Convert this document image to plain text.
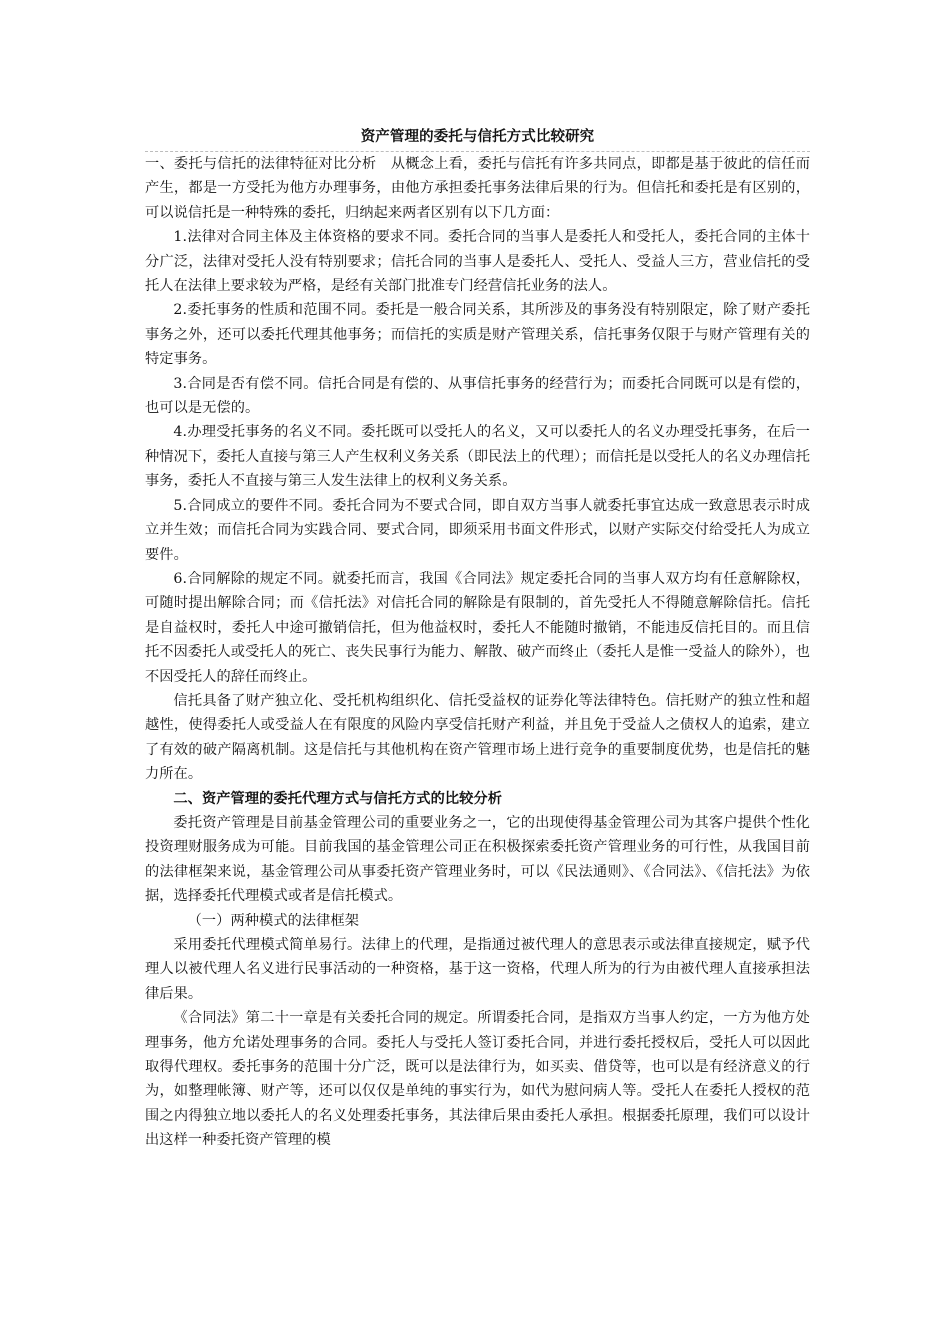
资产管理的委托与信托方式比较研究

一、委托与信托的法律特征对比分析　从概念上看，委托与信托有许多共同点，即都是基于彼此的信任而产生，都是一方受托为他方办理事务，由他方承担委托事务法律后果的行为。但信托和委托是有区别的，可以说信托是一种特殊的委托，归纳起来两者区别有以下几方面：

1.法律对合同主体及主体资格的要求不同。委托合同的当事人是委托人和受托人，委托合同的主体十分广泛，法律对受托人没有特别要求；信托合同的当事人是委托人、受托人、受益人三方，营业信托的受托人在法律上要求较为严格，是经有关部门批准专门经营信托业务的法人。

2.委托事务的性质和范围不同。委托是一般合同关系，其所涉及的事务没有特别限定，除了财产委托事务之外，还可以委托代理其他事务；而信托的实质是财产管理关系，信托事务仅限于与财产管理有关的特定事务。

3.合同是否有偿不同。信托合同是有偿的、从事信托事务的经营行为；而委托合同既可以是有偿的，也可以是无偿的。

4.办理受托事务的名义不同。委托既可以受托人的名义，又可以委托人的名义办理受托事务，在后一种情况下，委托人直接与第三人产生权利义务关系（即民法上的代理）；而信托是以受托人的名义办理信托事务，委托人不直接与第三人发生法律上的权利义务关系。

5.合同成立的要件不同。委托合同为不要式合同，即自双方当事人就委托事宜达成一致意思表示时成立并生效；而信托合同为实践合同、要式合同，即须采用书面文件形式，以财产实际交付给受托人为成立要件。

6.合同解除的规定不同。就委托而言，我国《合同法》规定委托合同的当事人双方均有任意解除权，可随时提出解除合同；而《信托法》对信托合同的解除是有限制的，首先受托人不得随意解除信托。信托是自益权时，委托人中途可撤销信托，但为他益权时，委托人不能随时撤销，不能违反信托目的。而且信托不因委托人或受托人的死亡、丧失民事行为能力、解散、破产而终止（委托人是惟一受益人的除外），也不因受托人的辞任而终止。

信托具备了财产独立化、受托机构组织化、信托受益权的证券化等法律特色。信托财产的独立性和超越性，使得委托人或受益人在有限度的风险内享受信托财产利益，并且免于受益人之债权人的追索，建立了有效的破产隔离机制。这是信托与其他机构在资产管理市场上进行竞争的重要制度优势，也是信托的魅力所在。

二、资产管理的委托代理方式与信托方式的比较分析

委托资产管理是目前基金管理公司的重要业务之一，它的出现使得基金管理公司为其客户提供个性化投资理财服务成为可能。目前我国的基金管理公司正在积极探索委托资产管理业务的可行性，从我国目前的法律框架来说，基金管理公司从事委托资产管理业务时，可以《民法通则》、《合同法》、《信托法》为依据，选择委托代理模式或者是信托模式。

（一）两种模式的法律框架

采用委托代理模式简单易行。法律上的代理，是指通过被代理人的意思表示或法律直接规定，赋予代理人以被代理人名义进行民事活动的一种资格，基于这一资格，代理人所为的行为由被代理人直接承担法律后果。

《合同法》第二十一章是有关委托合同的规定。所谓委托合同，是指双方当事人约定，一方为他方处理事务，他方允诺处理事务的合同。委托人与受托人签订委托合同，并进行委托授权后，受托人可以因此取得代理权。委托事务的范围十分广泛，既可以是法律行为，如买卖、借贷等，也可以是有经济意义的行为，如整理帐簿、财产等，还可以仅仅是单纯的事实行为，如代为慰问病人等。受托人在委托人授权的范围之内得独立地以委托人的名义处理委托事务，其法律后果由委托人承担。根据委托原理，我们可以设计出这样一种委托资产管理的模
